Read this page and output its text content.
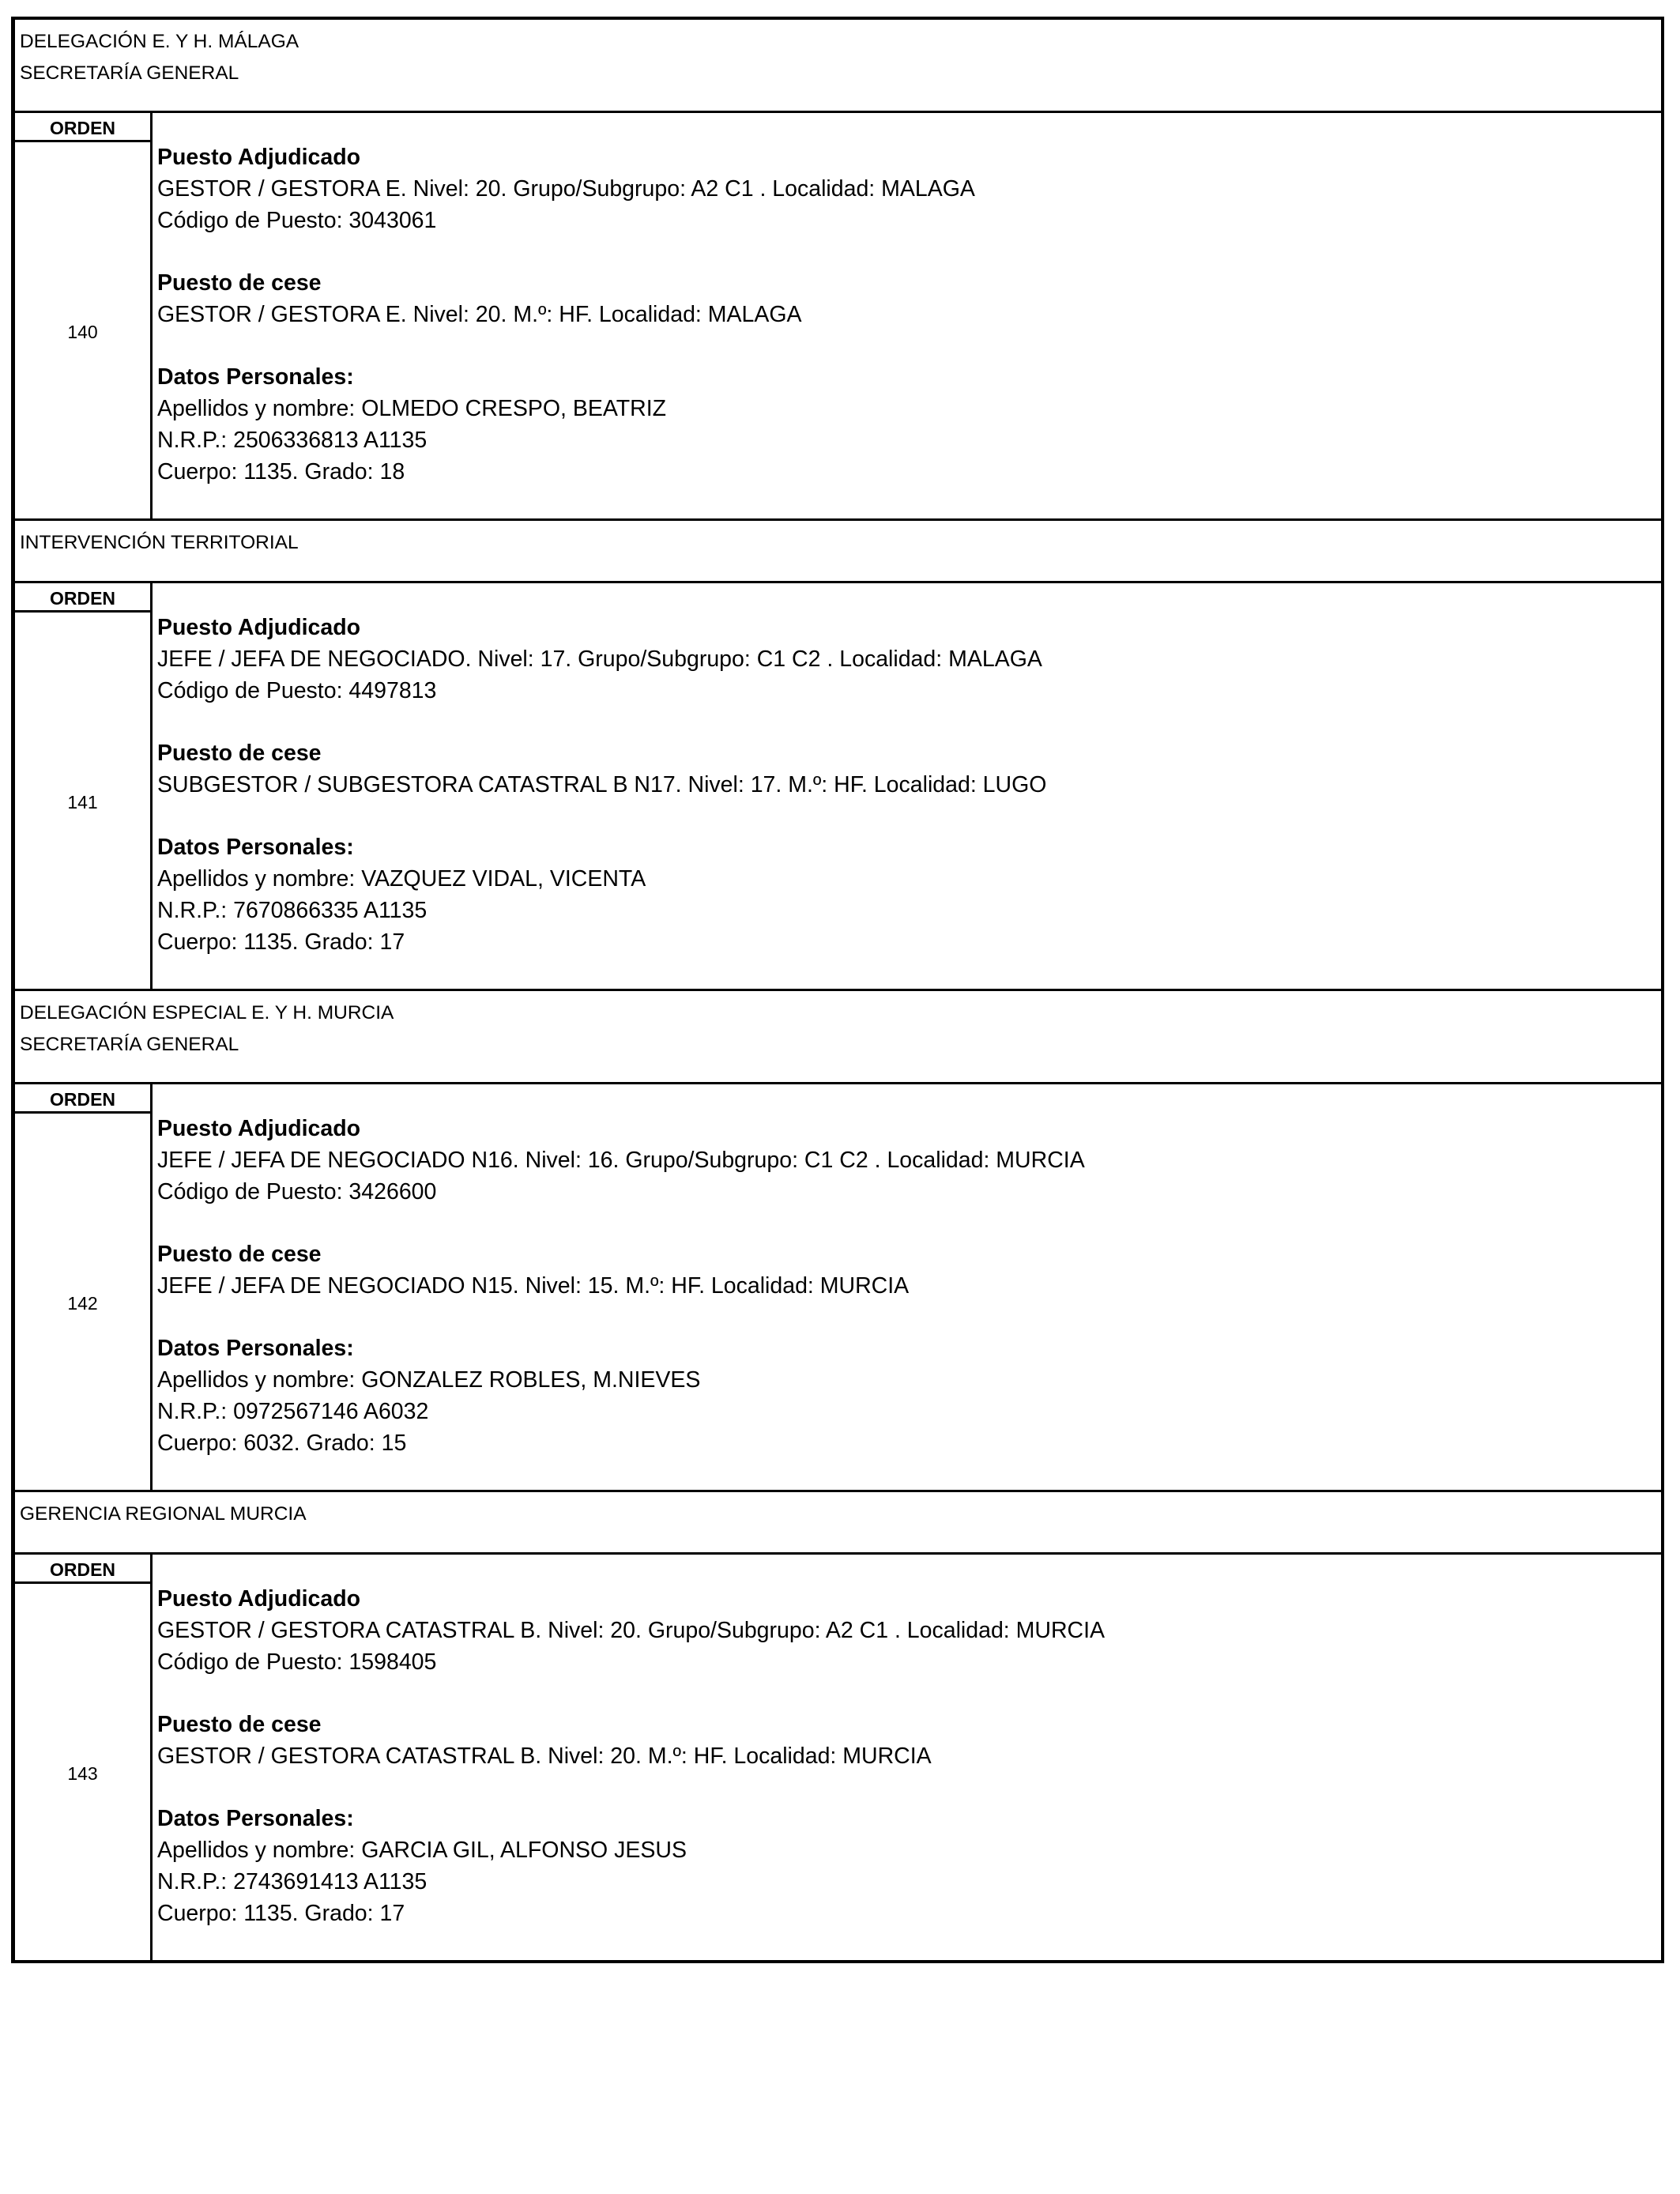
DELEGACIÓN E. Y H. MÁLAGA
SECRETARÍA GENERAL
ORDEN
140
Puesto Adjudicado
GESTOR / GESTORA E. Nivel: 20. Grupo/Subgrupo: A2 C1 . Localidad: MALAGA
Código de Puesto: 3043061
Puesto de cese
GESTOR / GESTORA E. Nivel: 20. M.º: HF. Localidad: MALAGA
Datos Personales:
Apellidos y nombre: OLMEDO CRESPO, BEATRIZ
N.R.P.: 2506336813 A1135
Cuerpo: 1135. Grado: 18
INTERVENCIÓN TERRITORIAL
ORDEN
141
Puesto Adjudicado
JEFE / JEFA DE NEGOCIADO. Nivel: 17. Grupo/Subgrupo: C1 C2 . Localidad: MALAGA
Código de Puesto: 4497813
Puesto de cese
SUBGESTOR / SUBGESTORA CATASTRAL B N17. Nivel: 17. M.º: HF. Localidad: LUGO
Datos Personales:
Apellidos y nombre: VAZQUEZ VIDAL, VICENTA
N.R.P.: 7670866335 A1135
Cuerpo: 1135. Grado: 17
DELEGACIÓN ESPECIAL E. Y H. MURCIA
SECRETARÍA GENERAL
ORDEN
142
Puesto Adjudicado
JEFE / JEFA DE NEGOCIADO N16. Nivel: 16. Grupo/Subgrupo: C1 C2 . Localidad: MURCIA
Código de Puesto: 3426600
Puesto de cese
JEFE / JEFA DE NEGOCIADO N15. Nivel: 15. M.º: HF. Localidad: MURCIA
Datos Personales:
Apellidos y nombre: GONZALEZ ROBLES, M.NIEVES
N.R.P.: 0972567146 A6032
Cuerpo: 6032. Grado: 15
GERENCIA REGIONAL MURCIA
ORDEN
143
Puesto Adjudicado
GESTOR / GESTORA CATASTRAL B. Nivel: 20. Grupo/Subgrupo: A2 C1 . Localidad: MURCIA
Código de Puesto: 1598405
Puesto de cese
GESTOR / GESTORA CATASTRAL B. Nivel: 20. M.º: HF. Localidad: MURCIA
Datos Personales:
Apellidos y nombre: GARCIA GIL, ALFONSO JESUS
N.R.P.: 2743691413 A1135
Cuerpo: 1135. Grado: 17
